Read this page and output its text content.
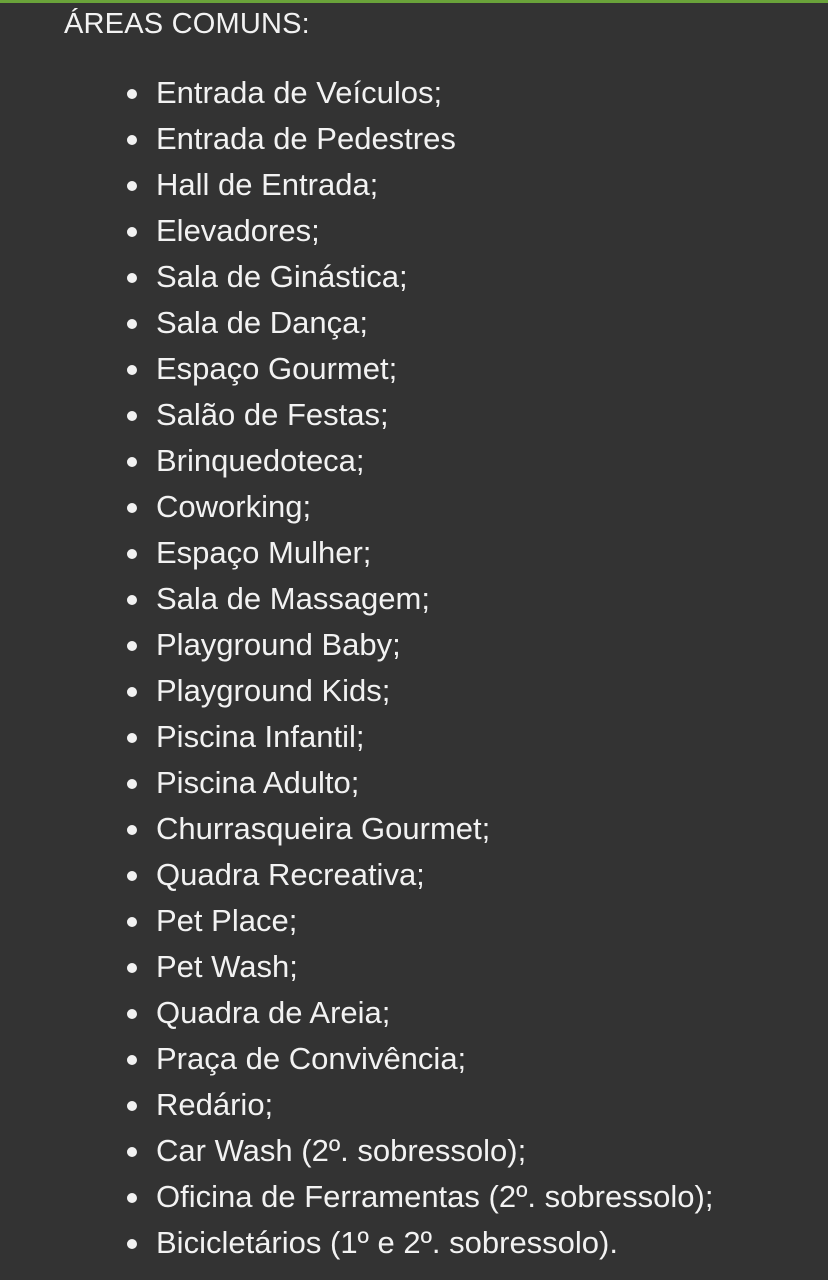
ÁREAS COMUNS:
Entrada de Veículos;
Entrada de Pedestres
Hall de Entrada;
Elevadores;
Sala de Ginástica;
Sala de Dança;
Espaço Gourmet;
Salão de Festas;
Brinquedoteca;
Coworking;
Espaço Mulher;
Sala de Massagem;
Playground Baby;
Playground Kids;
Piscina Infantil;
Piscina Adulto;
Churrasqueira Gourmet;
Quadra Recreativa;
Pet Place;
Pet Wash;
Quadra de Areia;
Praça de Convivência;
Redário;
Car Wash (2º. sobressolo);
Oficina de Ferramentas (2º. sobressolo);
Bicicletários (1º e 2º. sobressolo).
